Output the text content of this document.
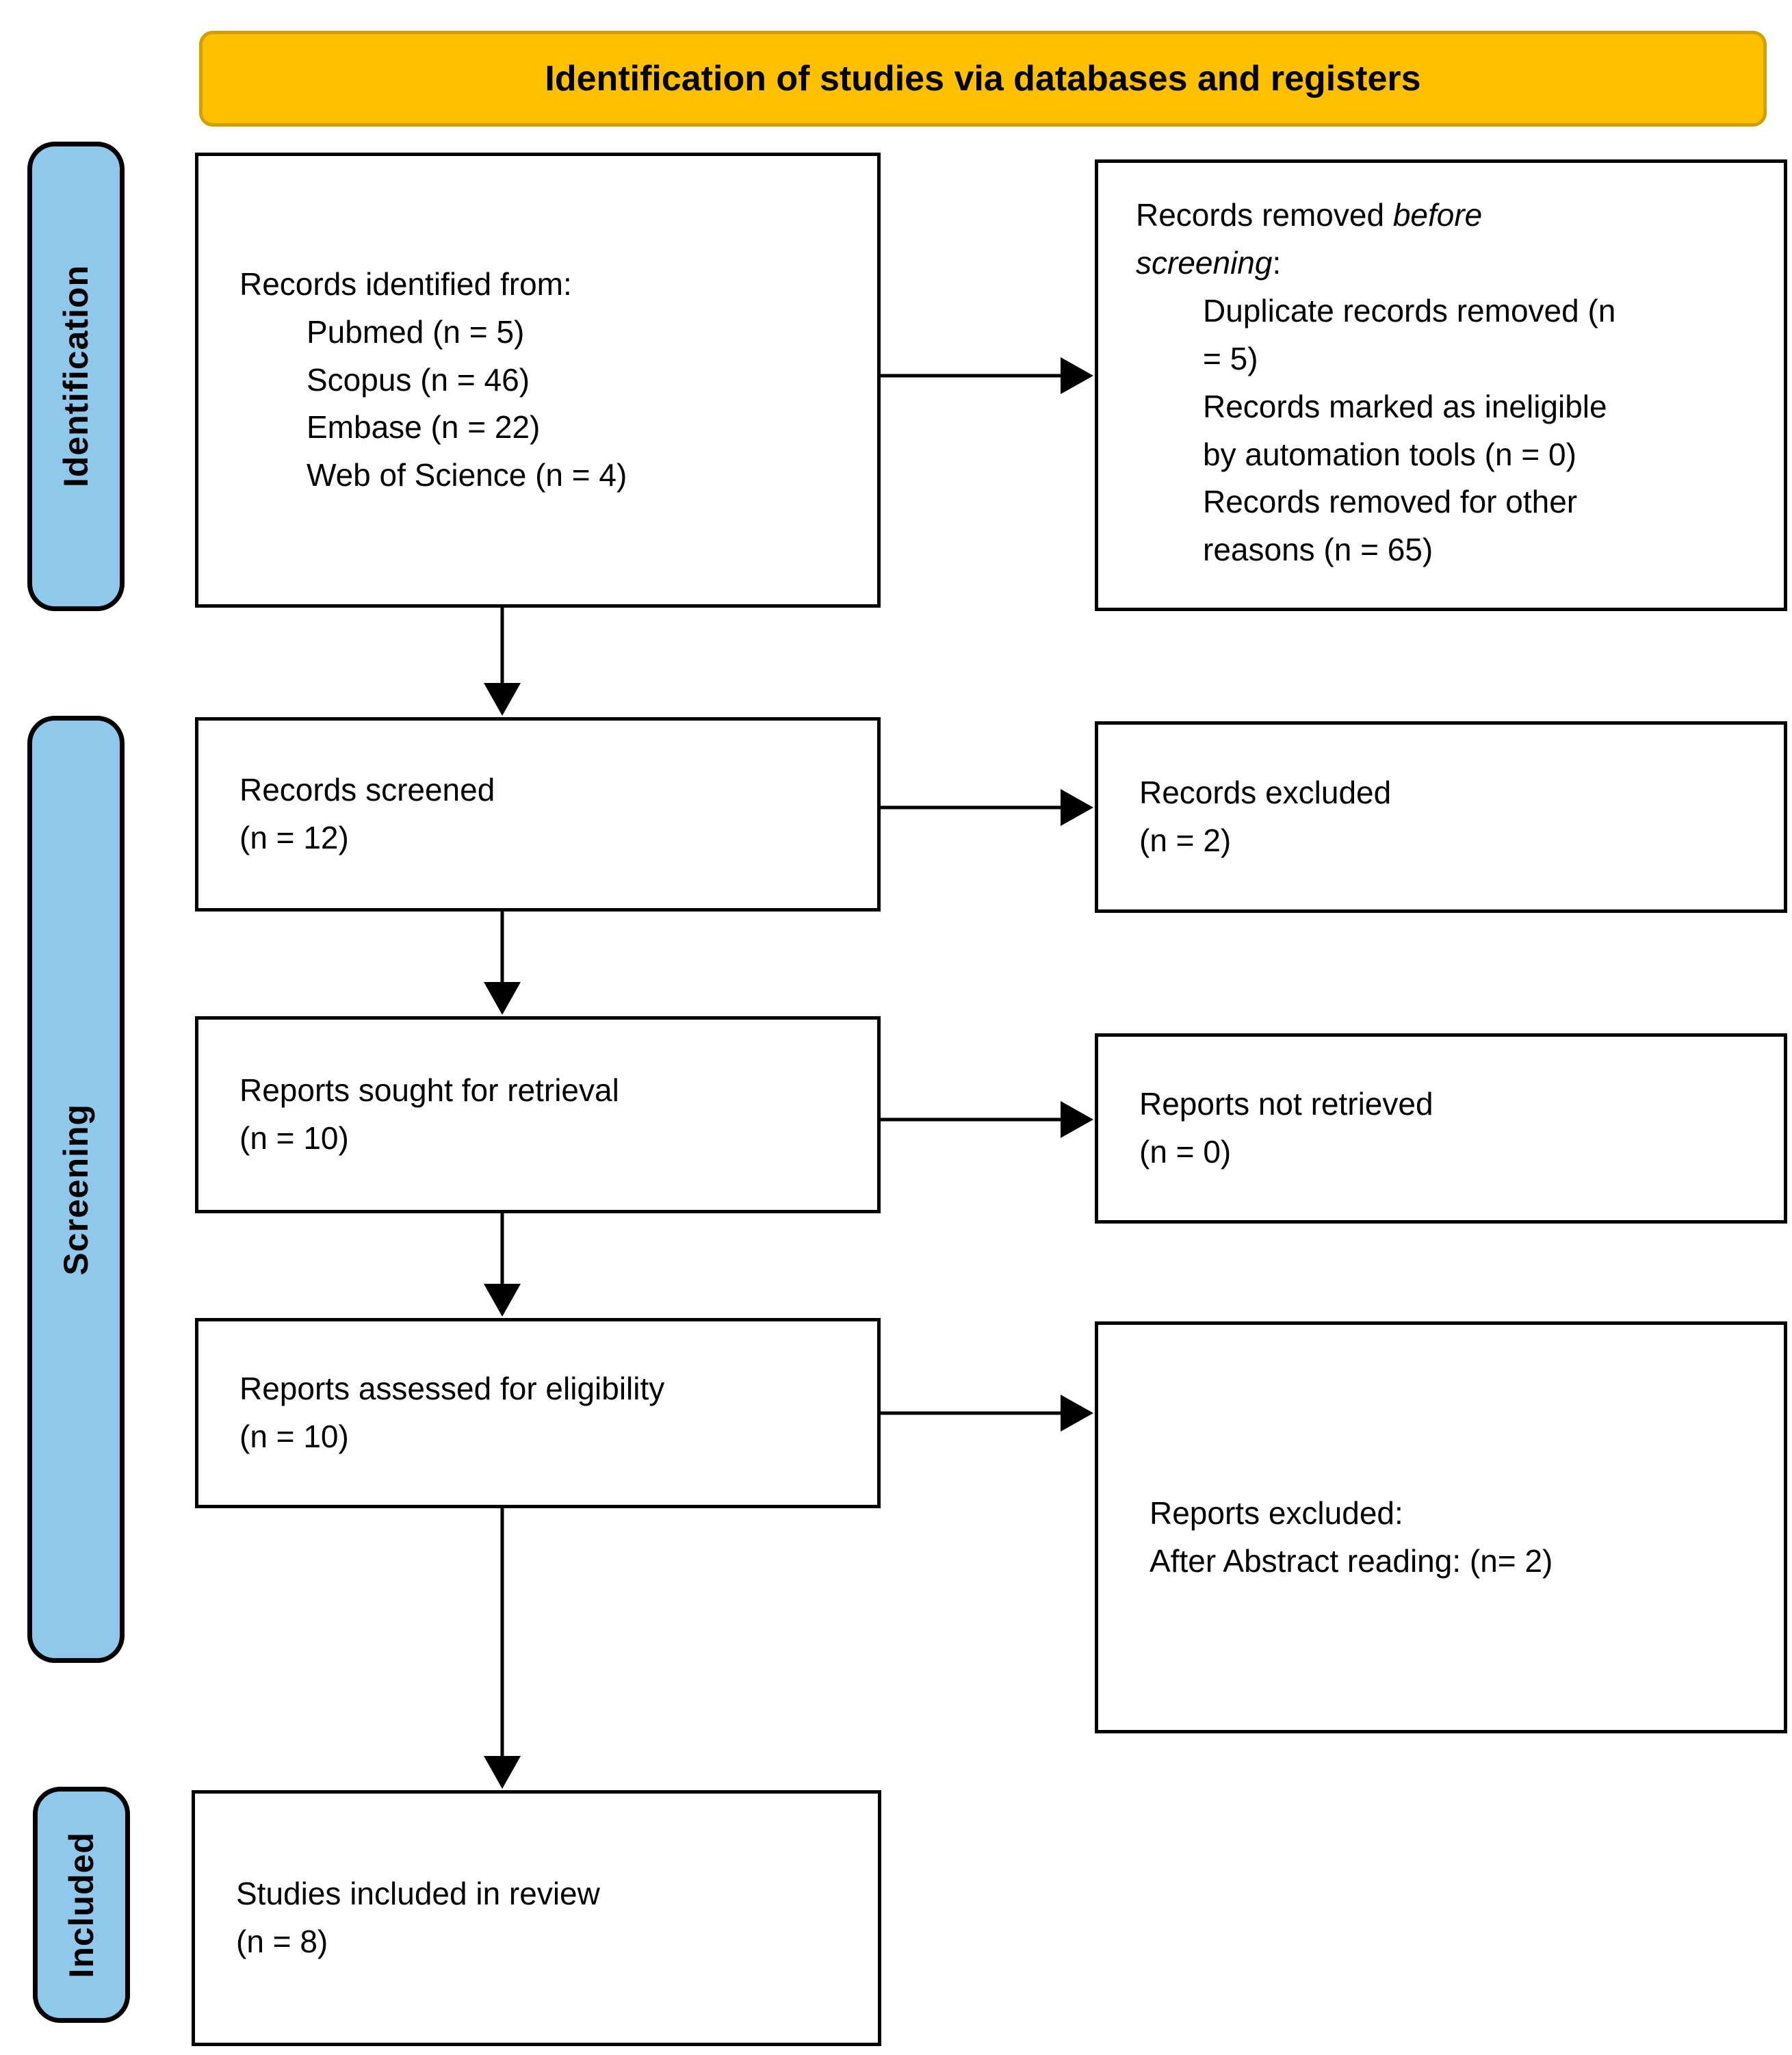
Identification of studies via databases and registers
Identification
Screening
Included
Records identified from:
Pubmed (n = 5)
Scopus (n = 46)
Embase (n = 22)
Web of Science (n = 4)
Records removed before
screening:
Duplicate records removed (n
= 5)
Records marked as ineligible
by automation tools (n = 0)
Records removed for other
reasons (n = 65)
Records screened
(n = 12)
Records excluded
(n = 2)
Reports sought for retrieval
(n = 10)
Reports not retrieved
(n = 0)
Reports assessed for eligibility
(n = 10)
Reports excluded:
After Abstract reading: (n= 2)
Studies included in review
(n = 8)
